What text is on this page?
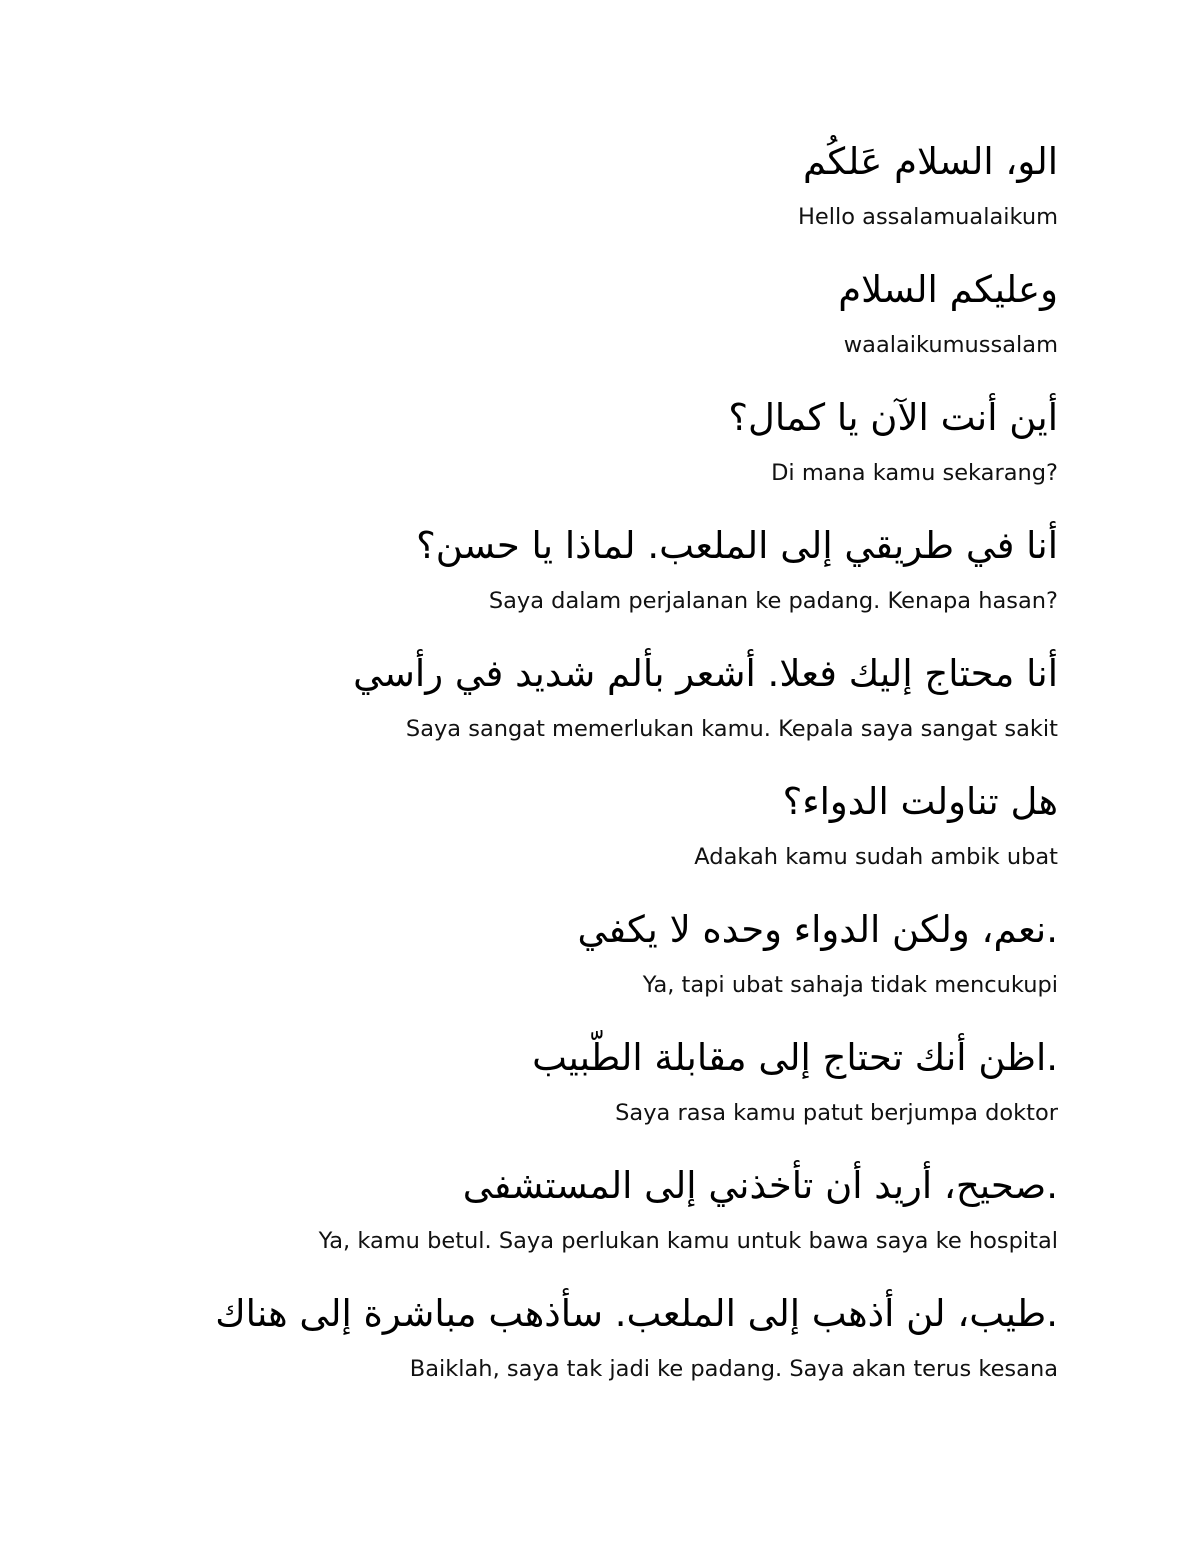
الو، السلام عَلكُم
Hello assalamualaikum
وعليكم السلام
waalaikumussalam
أين أنت الآن يا كمال؟
Di mana kamu sekarang?
أنا في طريقي إلى الملعب. لماذا يا حسن؟
Saya dalam perjalanan ke padang. Kenapa hasan?
أنا محتاج إليك فعلا. أشعر بألم شديد في رأسي
Saya sangat memerlukan kamu. Kepala saya sangat sakit
هل تناولت الدواء؟
Adakah kamu sudah ambik ubat
.نعم، ولكن الدواء وحده لا يكفي
Ya, tapi ubat sahaja tidak mencukupi
.اظن أنك تحتاج إلى مقابلة الطّبيب
Saya rasa kamu patut berjumpa doktor
.صحيح، أريد أن تأخذني إلى المستشفى
Ya, kamu betul. Saya perlukan kamu untuk bawa saya ke hospital
.طيب، لن أذهب إلى الملعب. سأذهب مباشرة إلى هناك
Baiklah, saya tak jadi ke padang. Saya akan terus kesana
